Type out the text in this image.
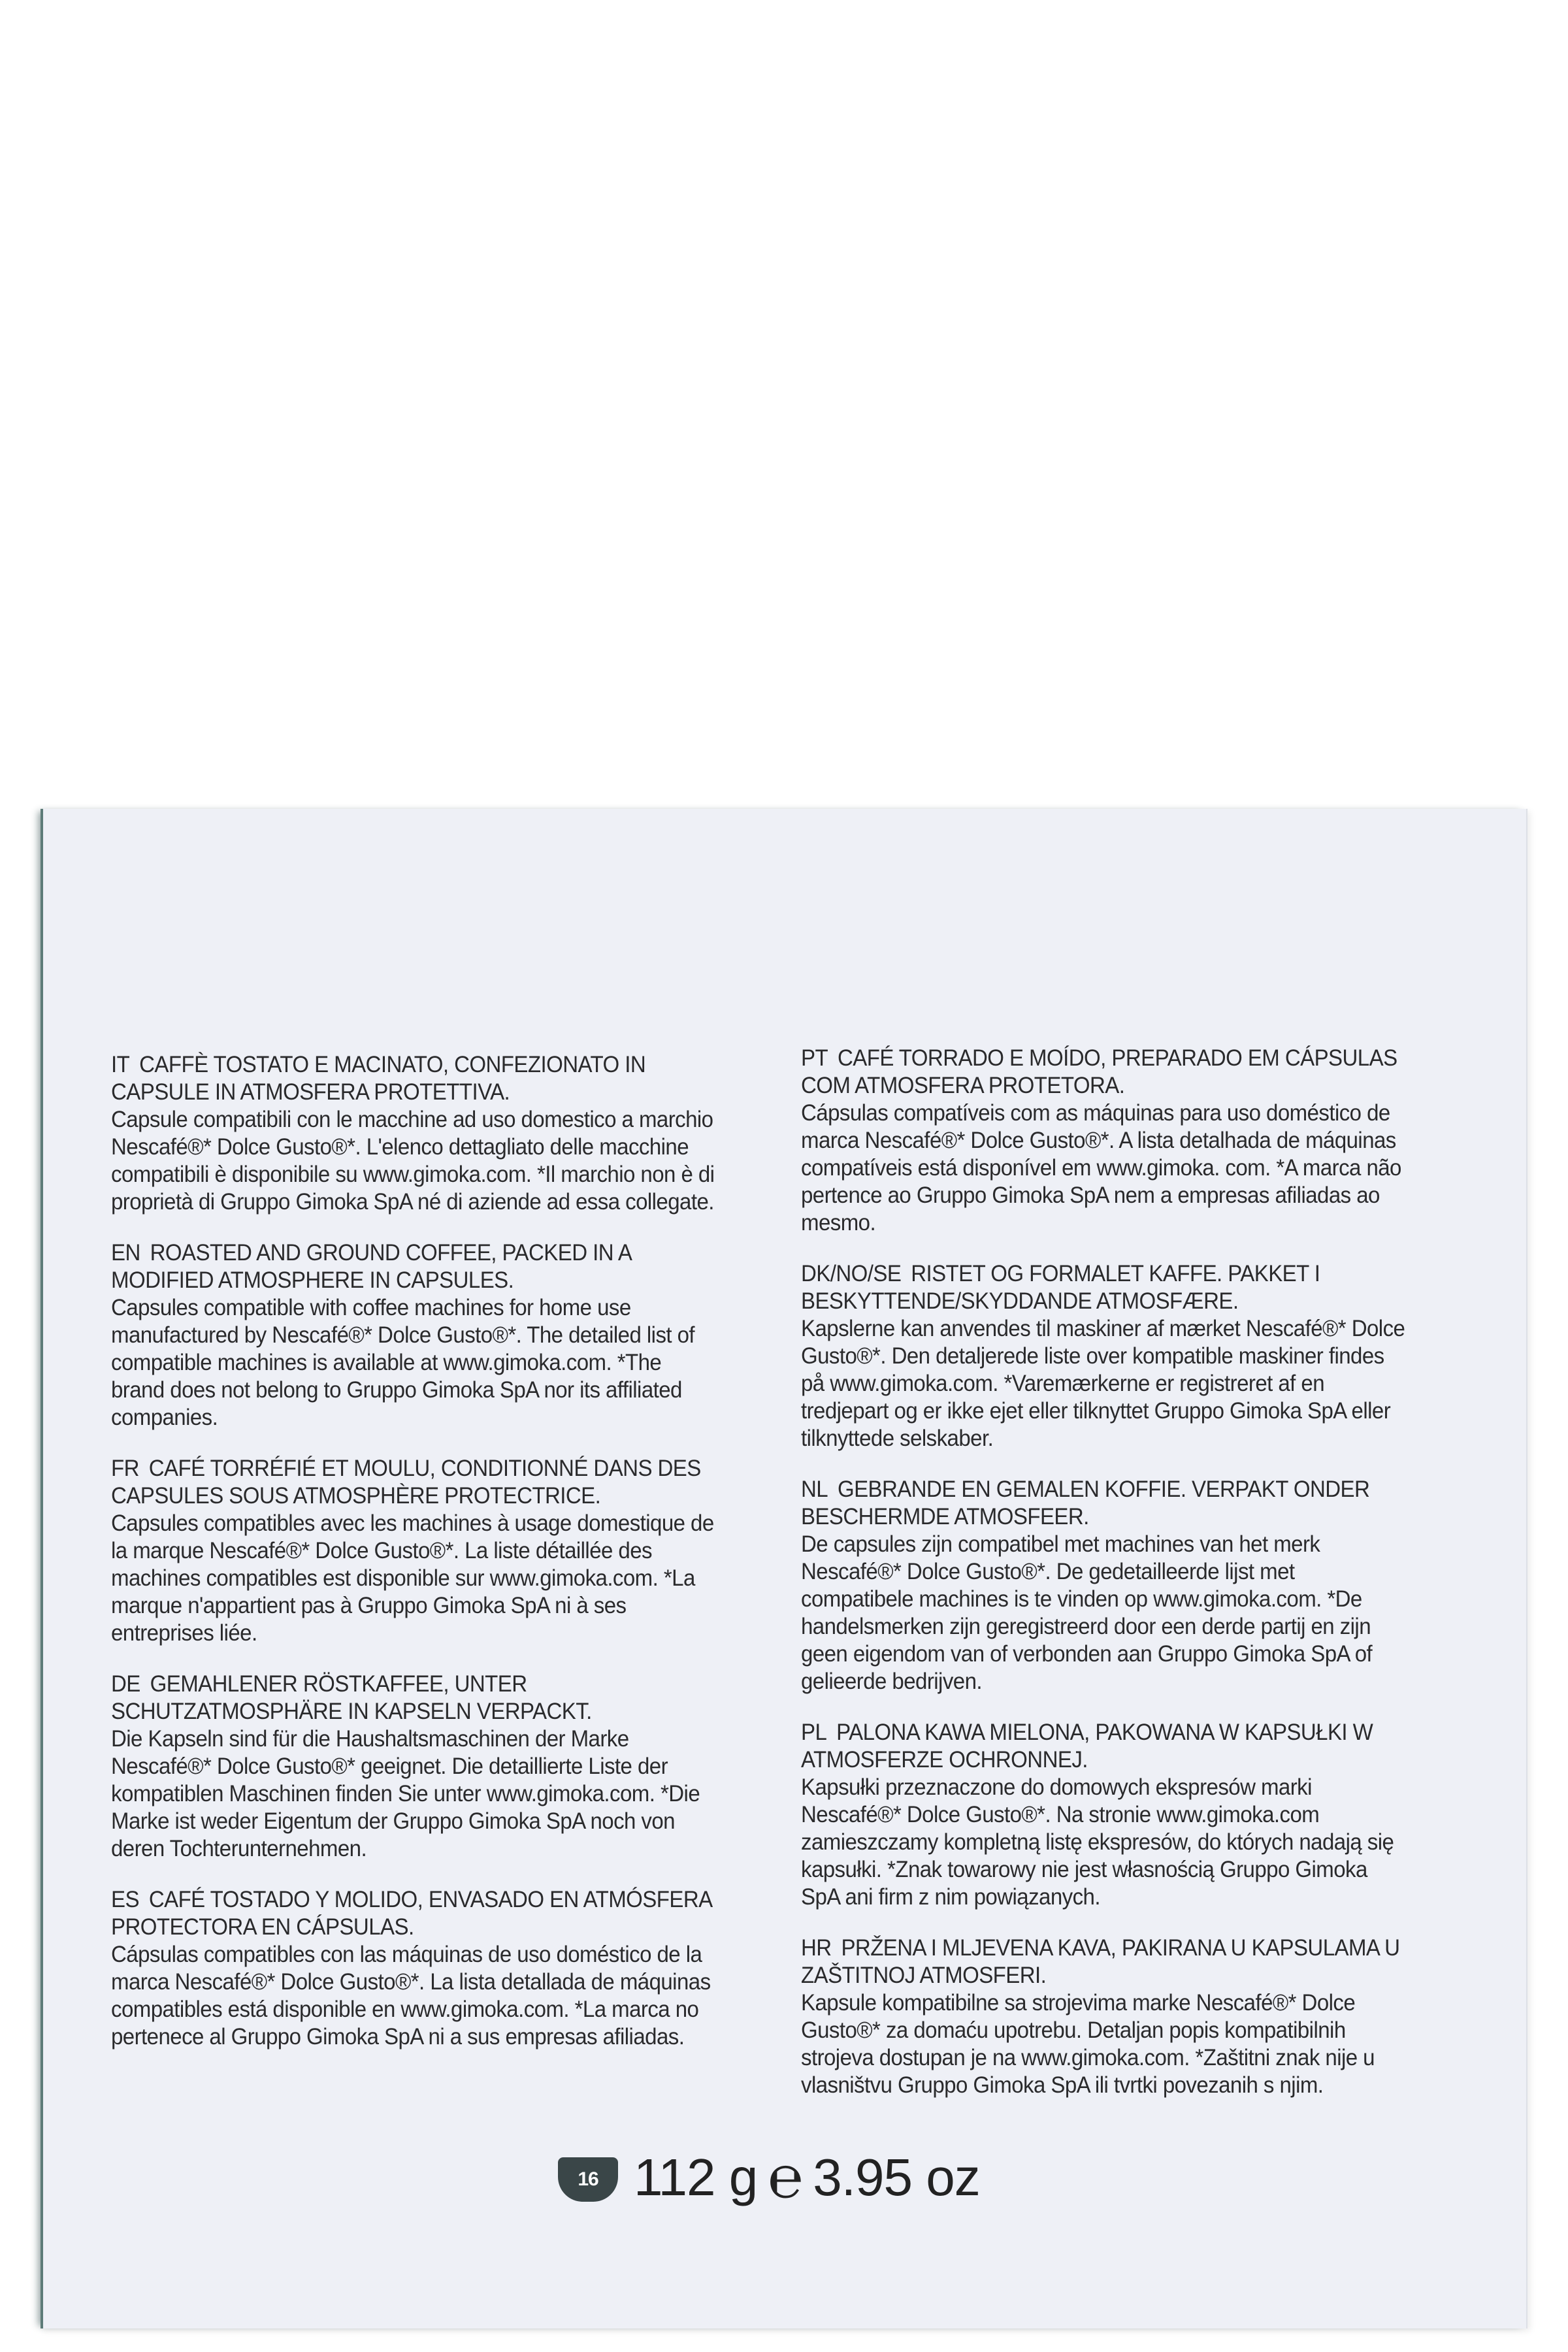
IT CAFFÈ TOSTATO E MACINATO, CONFEZIONATO IN CAPSULE IN ATMOSFERA PROTETTIVA.
Capsule compatibili con le macchine ad uso domestico a marchio Nescafé®* Dolce Gusto®*. L'elenco dettagliato delle macchine compatibili è disponibile su www.gimoka.com. *Il marchio non è di proprietà di Gruppo Gimoka SpA né di aziende ad essa collegate.
EN ROASTED AND GROUND COFFEE, PACKED IN A MODIFIED ATMOSPHERE IN CAPSULES.
Capsules compatible with coffee machines for home use manufactured by Nescafé®* Dolce Gusto®*. The detailed list of compatible machines is available at www.gimoka.com. *The brand does not belong to Gruppo Gimoka SpA nor its affiliated companies.
FR CAFÉ TORRÉFIÉ ET MOULU, CONDITIONNÉ DANS DES CAPSULES SOUS ATMOSPHÈRE PROTECTRICE.
Capsules compatibles avec les machines à usage domestique de la marque Nescafé®* Dolce Gusto®*. La liste détaillée des machines compatibles est disponible sur www.gimoka.com. *La marque n'appartient pas à Gruppo Gimoka SpA ni à ses entreprises liée.
DE GEMAHLENER RÖSTKAFFEE, UNTER SCHUTZATMOSPHÄRE IN KAPSELN VERPACKT.
Die Kapseln sind für die Haushaltsmaschinen der Marke Nescafé®* Dolce Gusto®* geeignet. Die detaillierte Liste der kompatiblen Maschinen finden Sie unter www.gimoka.com. *Die Marke ist weder Eigentum der Gruppo Gimoka SpA noch von deren Tochterunternehmen.
ES CAFÉ TOSTADO Y MOLIDO, ENVASADO EN ATMÓSFERA PROTECTORA EN CÁPSULAS.
Cápsulas compatibles con las máquinas de uso doméstico de la marca Nescafé®* Dolce Gusto®*. La lista detallada de máquinas compatibles está disponible en www.gimoka.com. *La marca no pertenece al Gruppo Gimoka SpA ni a sus empresas afiliadas.
PT CAFÉ TORRADO E MOÍDO, PREPARADO EM CÁPSULAS COM ATMOSFERA PROTETORA.
Cápsulas compatíveis com as máquinas para uso doméstico de marca Nescafé®* Dolce Gusto®*. A lista detalhada de máquinas compatíveis está disponível em www.gimoka. com. *A marca não pertence ao Gruppo Gimoka SpA nem a empresas afiliadas ao mesmo.
DK/NO/SE RISTET OG FORMALET KAFFE. PAKKET I BESKYTTENDE/SKYDDANDE ATMOSFÆRE.
Kapslerne kan anvendes til maskiner af mærket Nescafé®* Dolce Gusto®*. Den detaljerede liste over kompatible maskiner findes på www.gimoka.com. *Varemærkerne er registreret af en tredjepart og er ikke ejet eller tilknyttet Gruppo Gimoka SpA eller tilknyttede selskaber.
NL GEBRANDE EN GEMALEN KOFFIE. VERPAKT ONDER BESCHERMDE ATMOSFEER.
De capsules zijn compatibel met machines van het merk Nescafé®* Dolce Gusto®*. De gedetailleerde lijst met compatibele machines is te vinden op www.gimoka.com. *De handelsmerken zijn geregistreerd door een derde partij en zijn geen eigendom van of verbonden aan Gruppo Gimoka SpA of gelieerde bedrijven.
PL PALONA KAWA MIELONA, PAKOWANA W KAPSUŁKI W ATMOSFERZE OCHRONNEJ.
Kapsułki przeznaczone do domowych ekspresów marki Nescafé®* Dolce Gusto®*. Na stronie www.gimoka.com zamieszczamy kompletną listę ekspresów, do których nadają się kapsułki. *Znak towarowy nie jest własnością Gruppo Gimoka SpA ani firm z nim powiązanych.
HR PRŽENA I MLJEVENA KAVA, PAKIRANA U KAPSULAMA U ZAŠTITNOJ ATMOSFERI.
Kapsule kompatibilne sa strojevima marke Nescafé®* Dolce Gusto®* za domaću upotrebu. Detaljan popis kompatibilnih strojeva dostupan je na www.gimoka.com. *Zaštitni znak nije u vlasništvu Gruppo Gimoka SpA ili tvrtki povezanih s njim.
16 112 g ℮ 3.95 oz
